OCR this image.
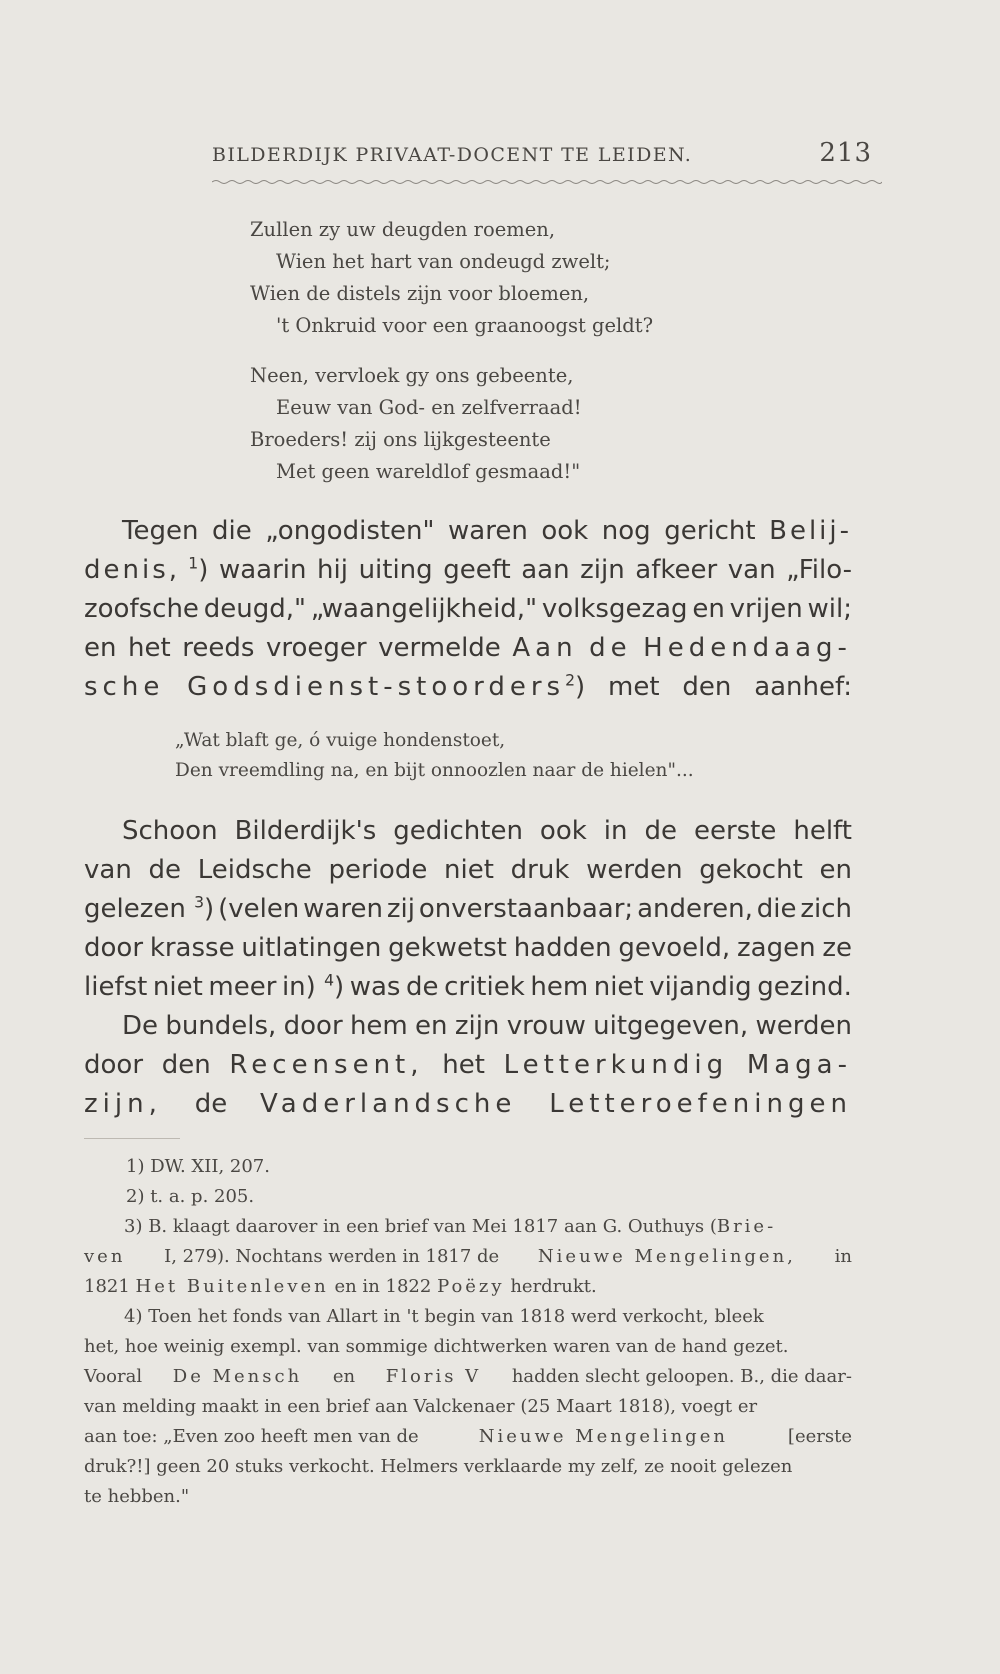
BILDERDIJK PRIVAAT-DOCENT TE LEIDEN.	213
Zullen zy uw deugden roemen,
Wien het hart van ondeugd zwelt;
Wien de distels zijn voor bloemen,
't Onkruid voor een graanoogst geldt?
Neen, vervloek gy ons gebeente,
Eeuw van God- en zelfverraad!
Broeders! zij ons lijkgesteente
Met geen wareldlof gesmaad!"
Tegen die „ongodisten" waren ook nog gericht Belij-
denis, $^1$) waarin hij uiting geeft aan zijn afkeer van „Filo-
zoofsche deugd," „waangelijkheid," volksgezag en vrijen wil;
en het reeds vroeger vermelde Aan de Hedendaag-
sche Godsdienst-stoorders$^2$) met den aanhef:
„Wat blaft ge, ó vuige hondenstoet,
Den vreemdling na, en bijt onnoozlen naar de hielen"...
Schoon Bilderdijk's gedichten ook in de eerste helft
van de Leidsche periode niet druk werden gekocht en
gelezen $^3$) (velen waren zij onverstaanbaar; anderen, die zich
door krasse uitlatingen gekwetst hadden gevoeld, zagen ze
liefst niet meer in) $^4$) was de critiek hem niet vijandig gezind.
De bundels, door hem en zijn vrouw uitgegeven, werden
door den Recensent, het Letterkundig Maga-
zijn, de Vaderlandsche Letteroefeningen
1) DW. XII, 207.
2) t. a. p. 205.
3) B. klaagt daarover in een brief van Mei 1817 aan G. Outhuys (Brie-
ven I, 279). Nochtans werden in 1817 de Nieuwe Mengelingen, in
1821
Het Buitenleven
en in 1822
Poëzy
herdrukt.
4) Toen het fonds van Allart in 't begin van 1818 werd verkocht, bleek
het, hoe weinig exempl. van sommige dichtwerken waren van de hand gezet.
Vooral De Mensch en Floris V hadden slecht geloopen. B., die daar-
van melding maakt in een brief aan Valckenaer (25 Maart 1818), voegt er
aan toe: „Even zoo heeft men van de	Nieuwe Mengelingen	[eerste
druk?!] geen 20 stuks verkocht. Helmers verklaarde my zelf, ze nooit gelezen
te hebben."
